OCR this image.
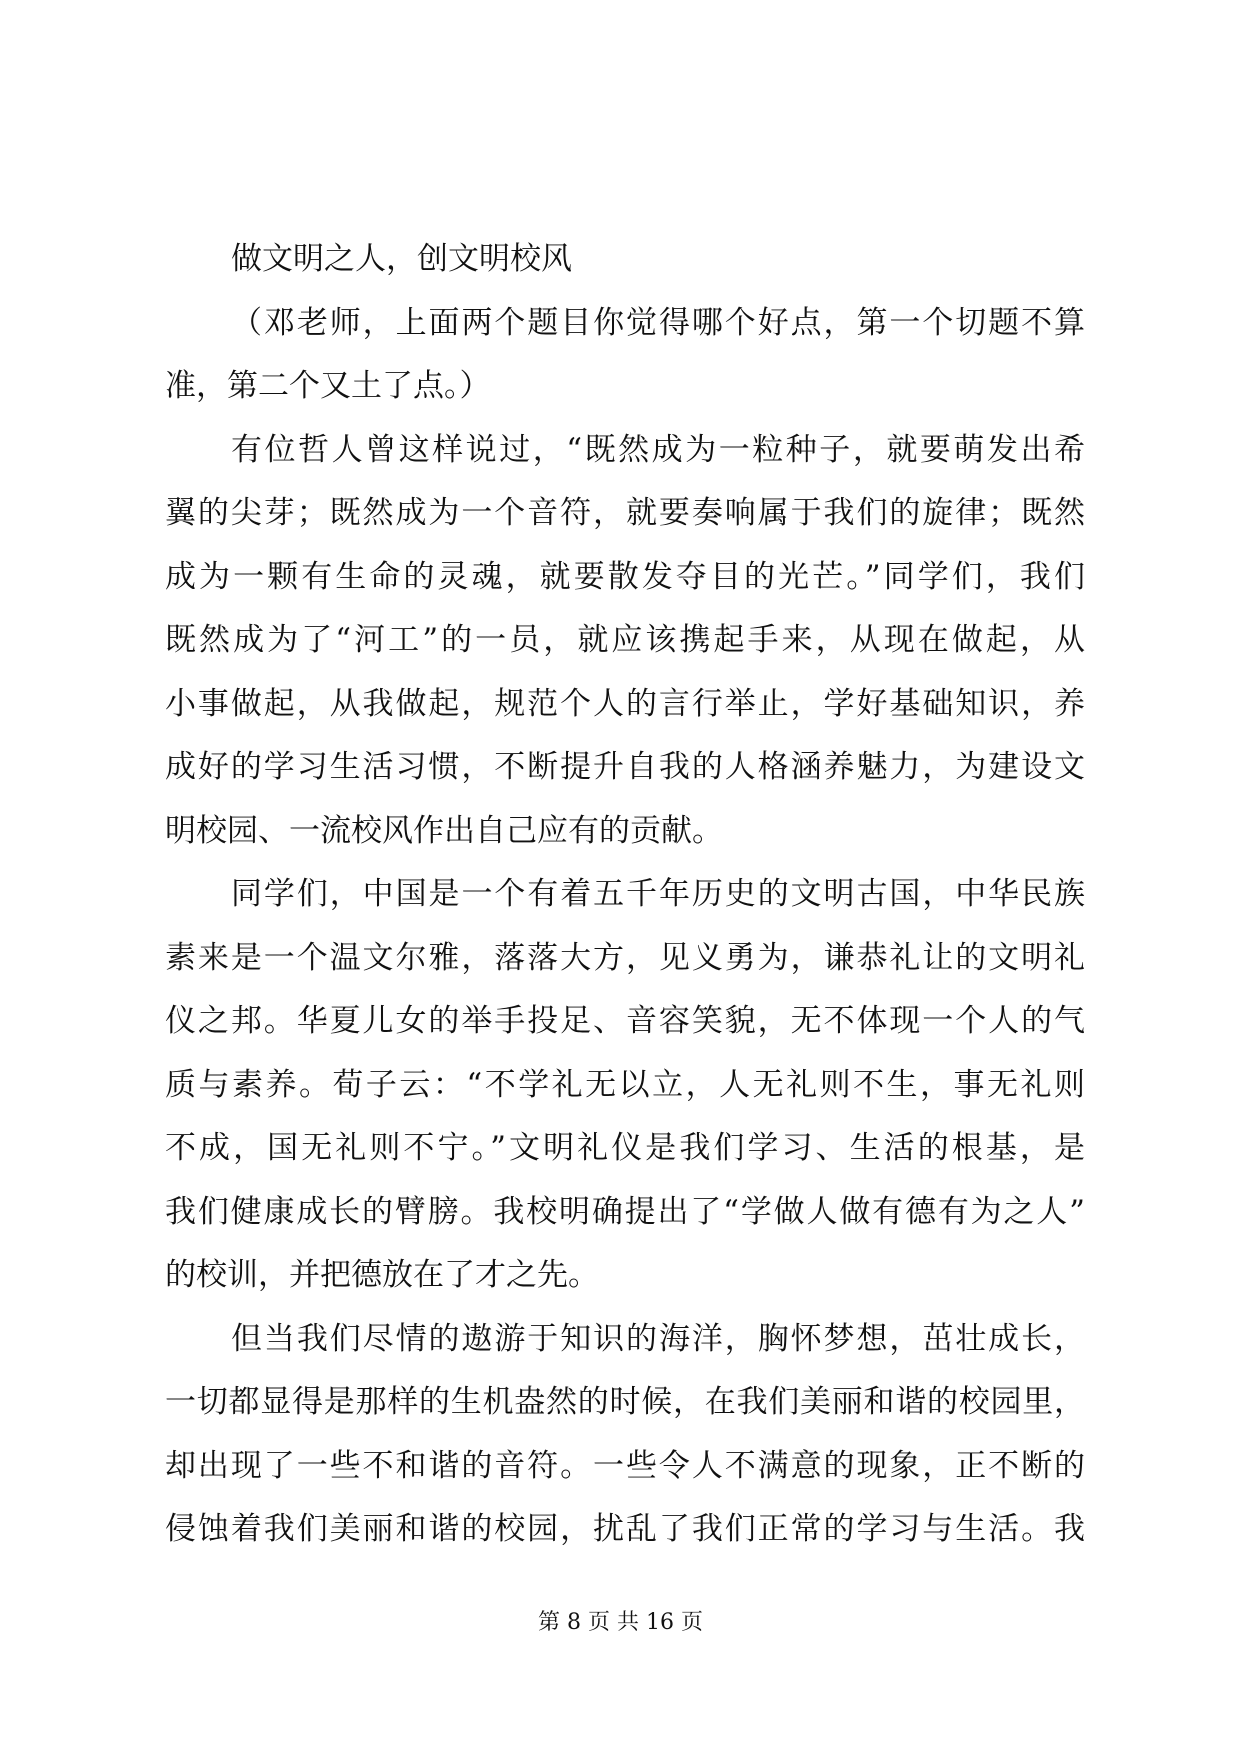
做文明之人，创文明校风
（邓老师，上面两个题目你觉得哪个好点，第一个切题不算
准，第二个又土了点。）
有位哲人曾这样说过，“既然成为一粒种子，就要萌发出希
翼的尖芽；既然成为一个音符，就要奏响属于我们的旋律；既然
成为一颗有生命的灵魂，就要散发夺目的光芒。”同学们，我们
既然成为了“河工”的一员，就应该携起手来，从现在做起，从
小事做起，从我做起，规范个人的言行举止，学好基础知识，养
成好的学习生活习惯，不断提升自我的人格涵养魅力，为建设文
明校园、一流校风作出自己应有的贡献。
同学们，中国是一个有着五千年历史的文明古国，中华民族
素来是一个温文尔雅，落落大方，见义勇为，谦恭礼让的文明礼
仪之邦。华夏儿女的举手投足、音容笑貌，无不体现一个人的气
质与素养。荀子云：“不学礼无以立，人无礼则不生，事无礼则
不成，国无礼则不宁。”文明礼仪是我们学习、生活的根基，是
我们健康成长的臂膀。我校明确提出了“学做人做有德有为之人”
的校训，并把德放在了才之先。
但当我们尽情的遨游于知识的海洋，胸怀梦想，茁壮成长，
一切都显得是那样的生机盎然的时候，在我们美丽和谐的校园里，
却出现了一些不和谐的音符。一些令人不满意的现象，正不断的
侵蚀着我们美丽和谐的校园，扰乱了我们正常的学习与生活。我
第 8 页 共 16 页
